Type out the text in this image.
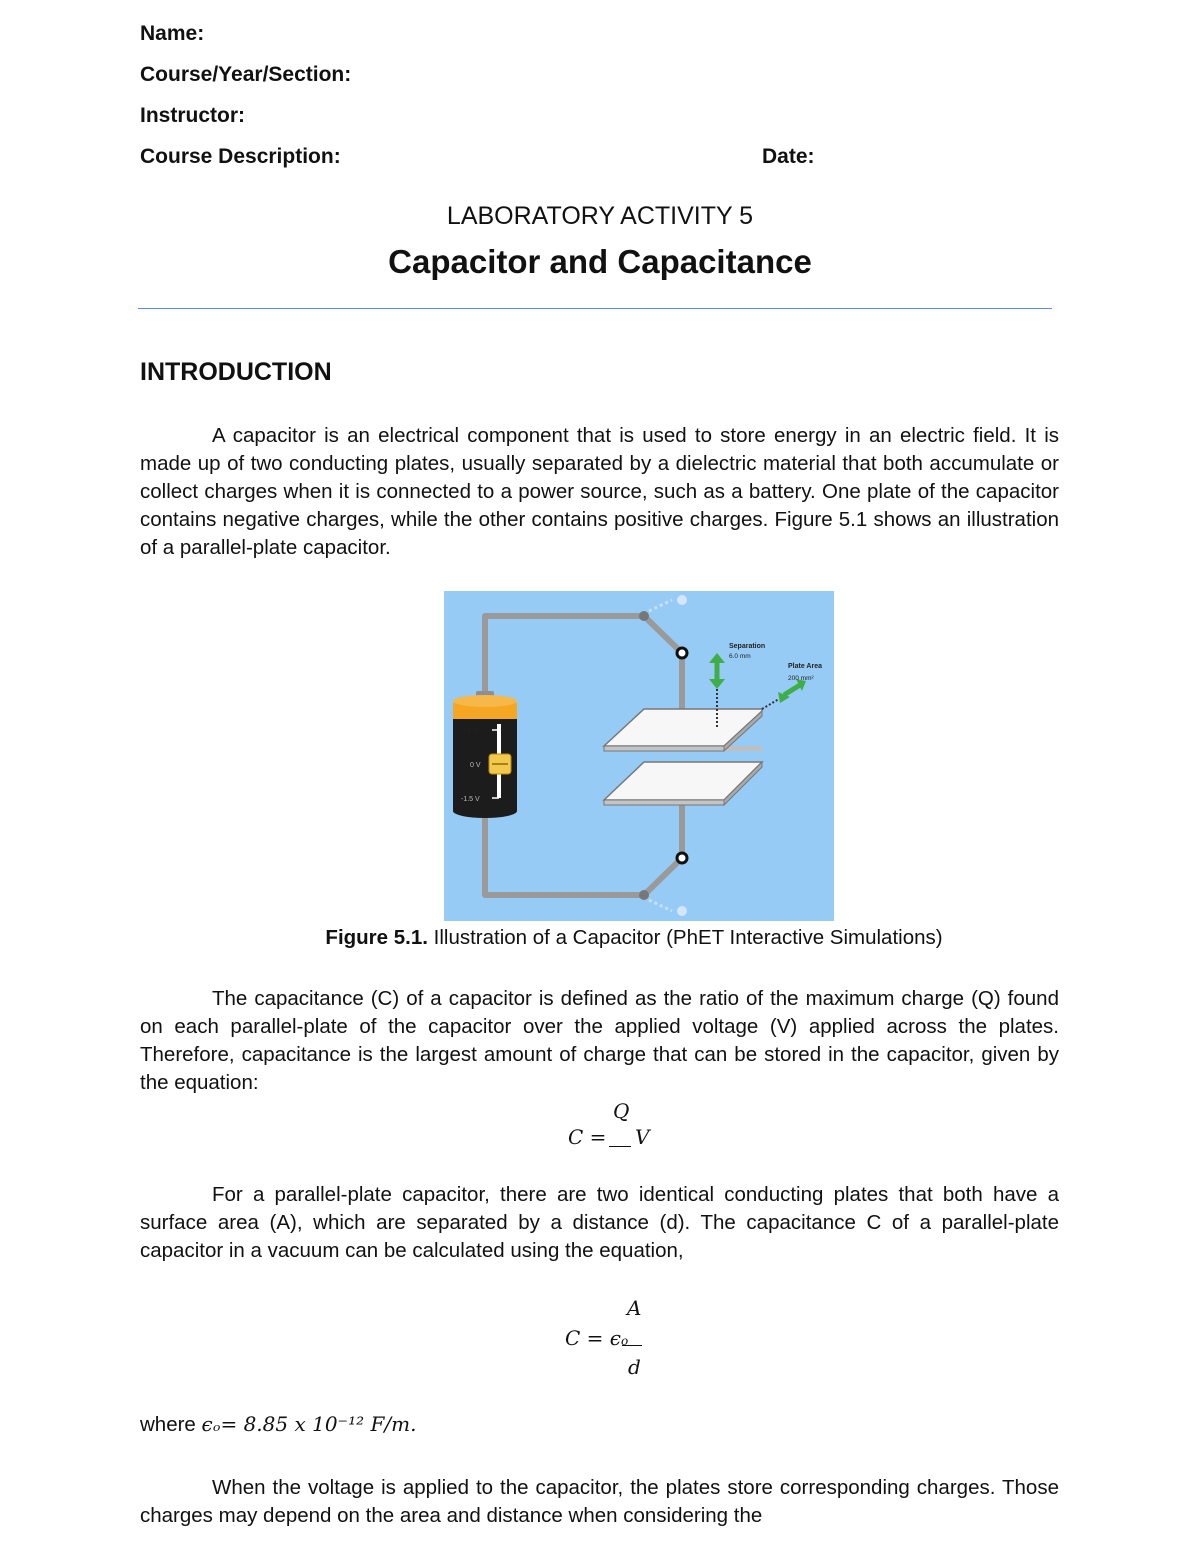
Name:
Course/Year/Section:
Instructor:
Course Description:	Date:
LABORATORY ACTIVITY 5
Capacitor and Capacitance
INTRODUCTION
A capacitor is an electrical component that is used to store energy in an electric field. It is made up of two conducting plates, usually separated by a dielectric material that both accumulate or collect charges when it is connected to a power source, such as a battery. One plate of the capacitor contains negative charges, while the other contains positive charges. Figure 5.1 shows an illustration of a parallel-plate capacitor.
1.5 V
0 V
-1.5 V
Separation
6.0 mm
Plate Area
200 mm²
Figure 5.1. Illustration of a Capacitor (PhET Interactive Simulations)
The capacitance (C) of a capacitor is defined as the ratio of the maximum charge (Q) found on each parallel-plate of the capacitor over the applied voltage (V) applied across the plates. Therefore, capacitance is the largest amount of charge that can be stored in the capacitor, given by the equation:
Q
C = V
For a parallel-plate capacitor, there are two identical conducting plates that both have a surface area (A), which are separated by a distance (d). The capacitance C of a parallel-plate capacitor in a vacuum can be calculated using the equation,
A
C = ϵo
d
where ϵₒ= 8.85 x 10⁻¹² F/m.
When the voltage is applied to the capacitor, the plates store corresponding charges. Those charges may depend on the area and distance when considering the
